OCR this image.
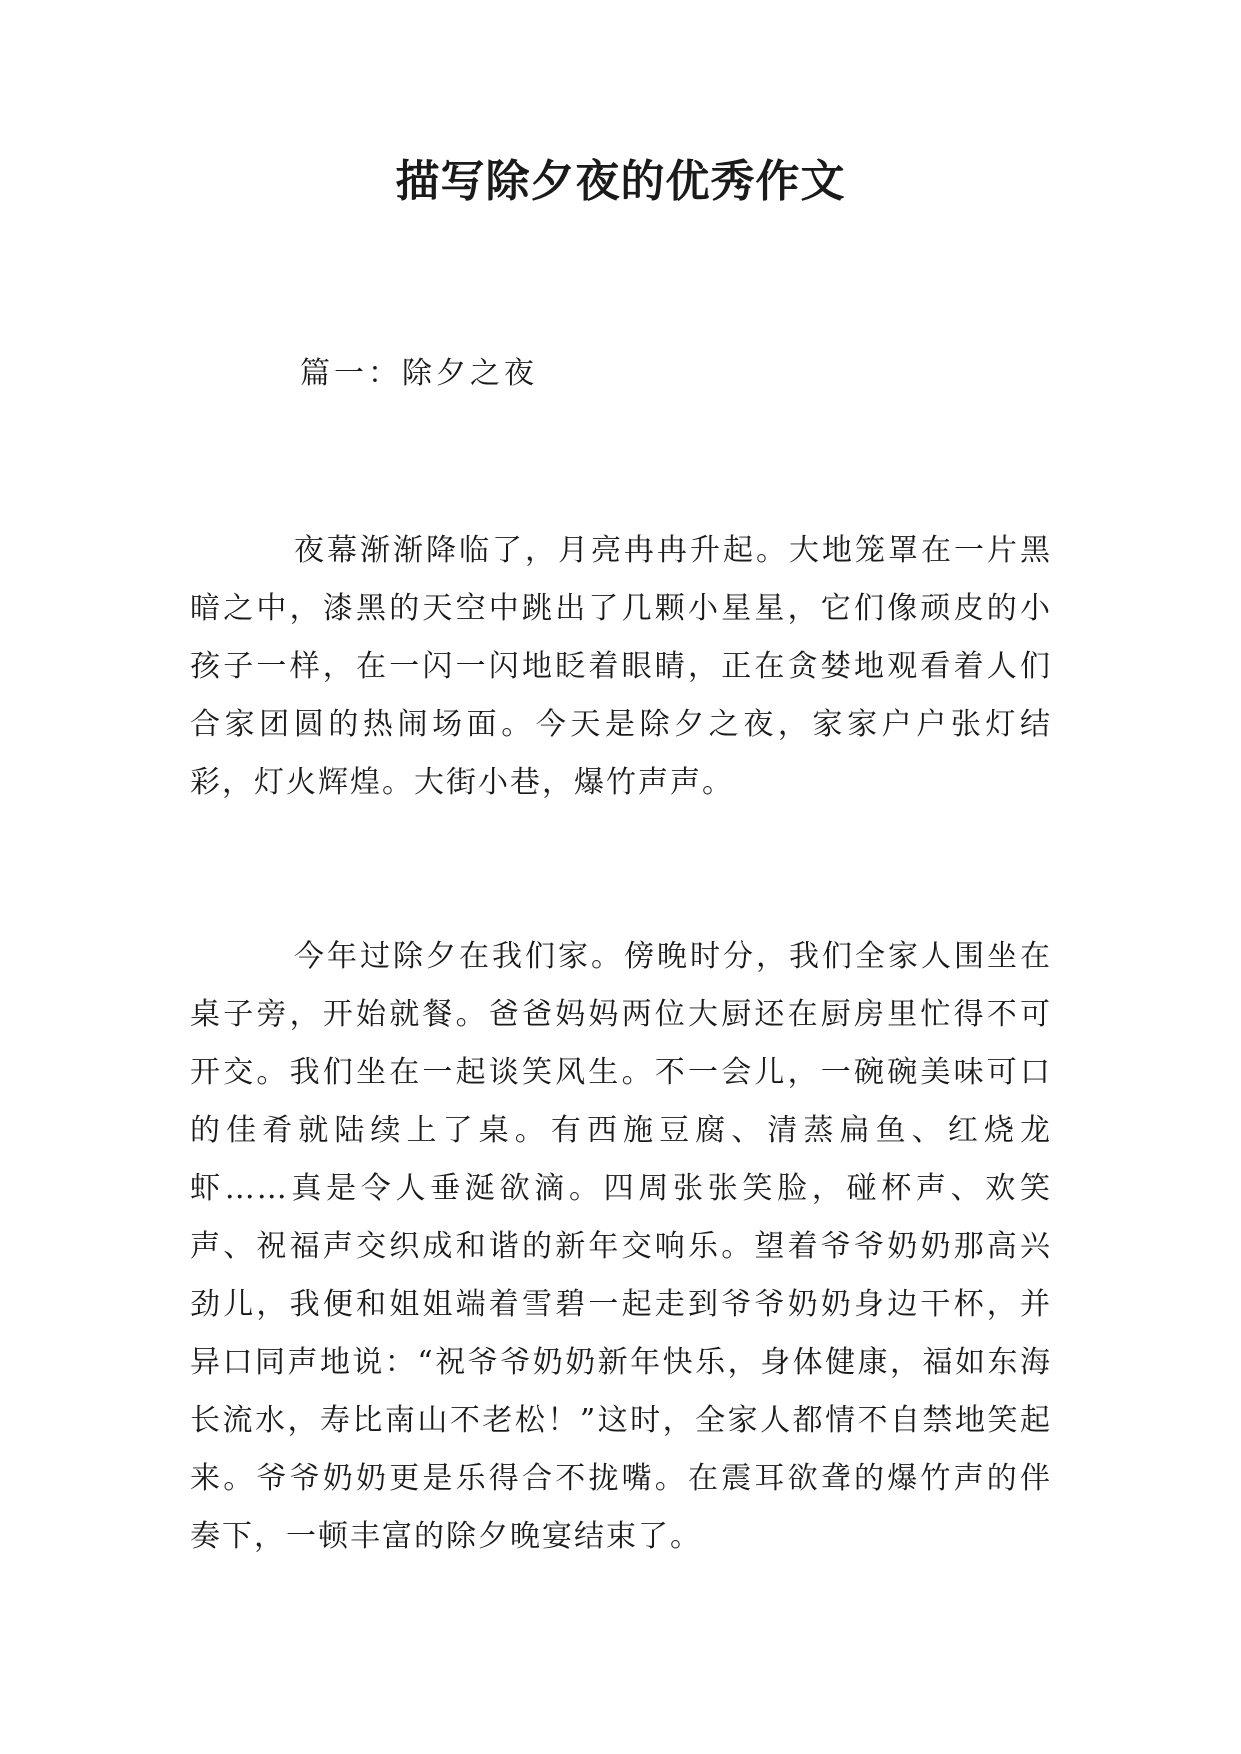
描写除夕夜的优秀作文
篇一：除夕之夜

夜幕渐渐降临了，月亮冉冉升起。大地笼罩在一片黑暗之中，漆黑的天空中跳出了几颗小星星，它们像顽皮的小孩子一样，在一闪一闪地眨着眼睛，正在贪婪地观看着人们合家团圆的热闹场面。今天是除夕之夜，家家户户张灯结彩，灯火辉煌。大街小巷，爆竹声声。

今年过除夕在我们家。傍晚时分，我们全家人围坐在桌子旁，开始就餐。爸爸妈妈两位大厨还在厨房里忙得不可开交。我们坐在一起谈笑风生。不一会儿，一碗碗美味可口的佳肴就陆续上了桌。有西施豆腐、清蒸扁鱼、红烧龙虾……真是令人垂涎欲滴。四周张张笑脸，碰杯声、欢笑声、祝福声交织成和谐的新年交响乐。望着爷爷奶奶那高兴劲儿，我便和姐姐端着雪碧一起走到爷爷奶奶身边干杯，并异口同声地说：“祝爷爷奶奶新年快乐，身体健康，福如东海长流水，寿比南山不老松！”这时，全家人都情不自禁地笑起来。爷爷奶奶更是乐得合不拢嘴。在震耳欲聋的爆竹声的伴奏下，一顿丰富的除夕晚宴结束了。
